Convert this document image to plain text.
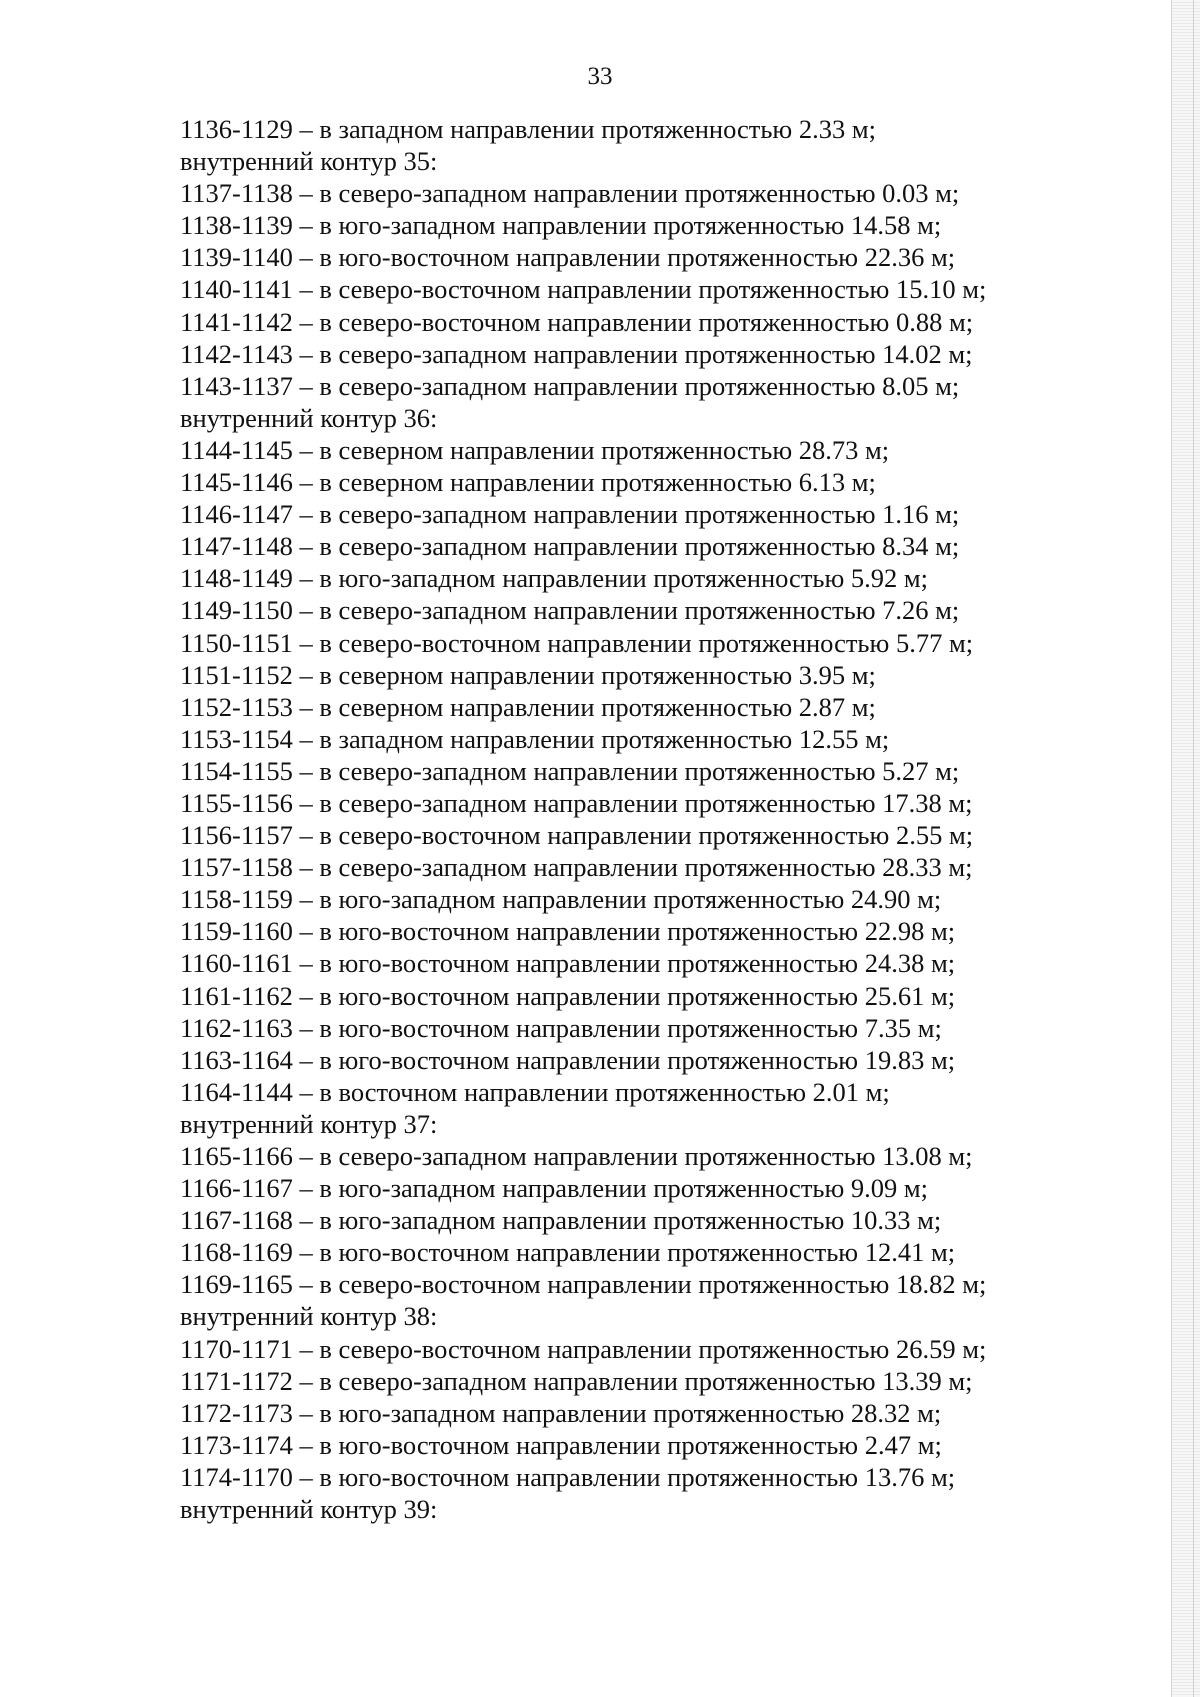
33
1136-1129 – в западном направлении протяженностью 2.33 м;
внутренний контур 35:
1137-1138 – в северо-западном направлении протяженностью 0.03 м;
1138-1139 – в юго-западном направлении протяженностью 14.58 м;
1139-1140 – в юго-восточном направлении протяженностью 22.36 м;
1140-1141 – в северо-восточном направлении протяженностью 15.10 м;
1141-1142 – в северо-восточном направлении протяженностью 0.88 м;
1142-1143 – в северо-западном направлении протяженностью 14.02 м;
1143-1137 – в северо-западном направлении протяженностью 8.05 м;
внутренний контур 36:
1144-1145 – в северном направлении протяженностью 28.73 м;
1145-1146 – в северном направлении протяженностью 6.13 м;
1146-1147 – в северо-западном направлении протяженностью 1.16 м;
1147-1148 – в северо-западном направлении протяженностью 8.34 м;
1148-1149 – в юго-западном направлении протяженностью 5.92 м;
1149-1150 – в северо-западном направлении протяженностью 7.26 м;
1150-1151 – в северо-восточном направлении протяженностью 5.77 м;
1151-1152 – в северном направлении протяженностью 3.95 м;
1152-1153 – в северном направлении протяженностью 2.87 м;
1153-1154 – в западном направлении протяженностью 12.55 м;
1154-1155 – в северо-западном направлении протяженностью 5.27 м;
1155-1156 – в северо-западном направлении протяженностью 17.38 м;
1156-1157 – в северо-восточном направлении протяженностью 2.55 м;
1157-1158 – в северо-западном направлении протяженностью 28.33 м;
1158-1159 – в юго-западном направлении протяженностью 24.90 м;
1159-1160 – в юго-восточном направлении протяженностью 22.98 м;
1160-1161 – в юго-восточном направлении протяженностью 24.38 м;
1161-1162 – в юго-восточном направлении протяженностью 25.61 м;
1162-1163 – в юго-восточном направлении протяженностью 7.35 м;
1163-1164 – в юго-восточном направлении протяженностью 19.83 м;
1164-1144 – в восточном направлении протяженностью 2.01 м;
внутренний контур 37:
1165-1166 – в северо-западном направлении протяженностью 13.08 м;
1166-1167 – в юго-западном направлении протяженностью 9.09 м;
1167-1168 – в юго-западном направлении протяженностью 10.33 м;
1168-1169 – в юго-восточном направлении протяженностью 12.41 м;
1169-1165 – в северо-восточном направлении протяженностью 18.82 м;
внутренний контур 38:
1170-1171 – в северо-восточном направлении протяженностью 26.59 м;
1171-1172 – в северо-западном направлении протяженностью 13.39 м;
1172-1173 – в юго-западном направлении протяженностью 28.32 м;
1173-1174 – в юго-восточном направлении протяженностью 2.47 м;
1174-1170 – в юго-восточном направлении протяженностью 13.76 м;
внутренний контур 39:
